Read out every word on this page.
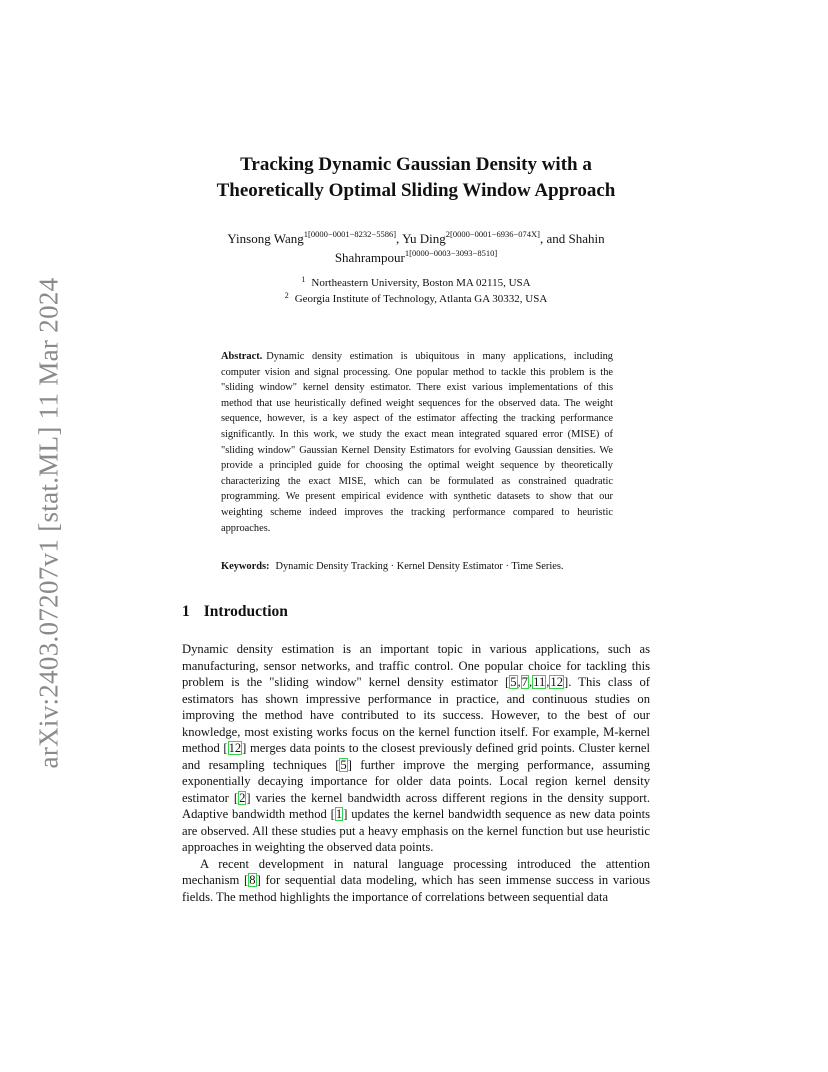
arXiv:2403.07207v1 [stat.ML] 11 Mar 2024
Tracking Dynamic Gaussian Density with a
Theoretically Optimal Sliding Window Approach
Yinsong Wang$^{1[0000-0001-8232-5586]}$, Yu Ding$^{2[0000-0001-6936-074X]}$, and Shahin
Shahrampour$^{1[0000-0003-3093-8510]}$
$^1$ Northeastern University, Boston MA 02115, USA
$^2$ Georgia Institute of Technology, Atlanta GA 30332, USA
Abstract. Dynamic density estimation is ubiquitous in many applications, including computer vision and signal processing. One popular method to tackle this problem is the "sliding window" kernel density estimator. There exist various implementations of this method that use heuristically defined weight sequences for the observed data. The weight sequence, however, is a key aspect of the estimator affecting the tracking performance significantly. In this work, we study the exact mean integrated squared error (MISE) of "sliding window" Gaussian Kernel Density Estimators for evolving Gaussian densities. We provide a principled guide for choosing the optimal weight sequence by theoretically characterizing the exact MISE, which can be formulated as constrained quadratic programming. We present empirical evidence with synthetic datasets to show that our weighting scheme indeed improves the tracking performance compared to heuristic approaches.
Keywords: Dynamic Density Tracking · Kernel Density Estimator · Time Series.
1 Introduction

Dynamic density estimation is an important topic in various applications, such as manufacturing, sensor networks, and traffic control. One popular choice for tackling this problem is the "sliding window" kernel density estimator [5,7,11,12]. This class of estimators has shown impressive performance in practice, and continuous studies on improving the method have contributed to its success. However, to the best of our knowledge, most existing works focus on the kernel function itself. For example, M-kernel method [12] merges data points to the closest previously defined grid points. Cluster kernel and resampling techniques [5] further improve the merging performance, assuming exponentially decaying importance for older data points. Local region kernel density estimator [2] varies the kernel bandwidth across different regions in the density support. Adaptive bandwidth method [1] updates the kernel bandwidth sequence as new data points are observed. All these studies put a heavy emphasis on the kernel function but use heuristic approaches in weighting the observed data points.

A recent development in natural language processing introduced the attention mechanism [8] for sequential data modeling, which has seen immense success in various fields. The method highlights the importance of correlations between sequential data
